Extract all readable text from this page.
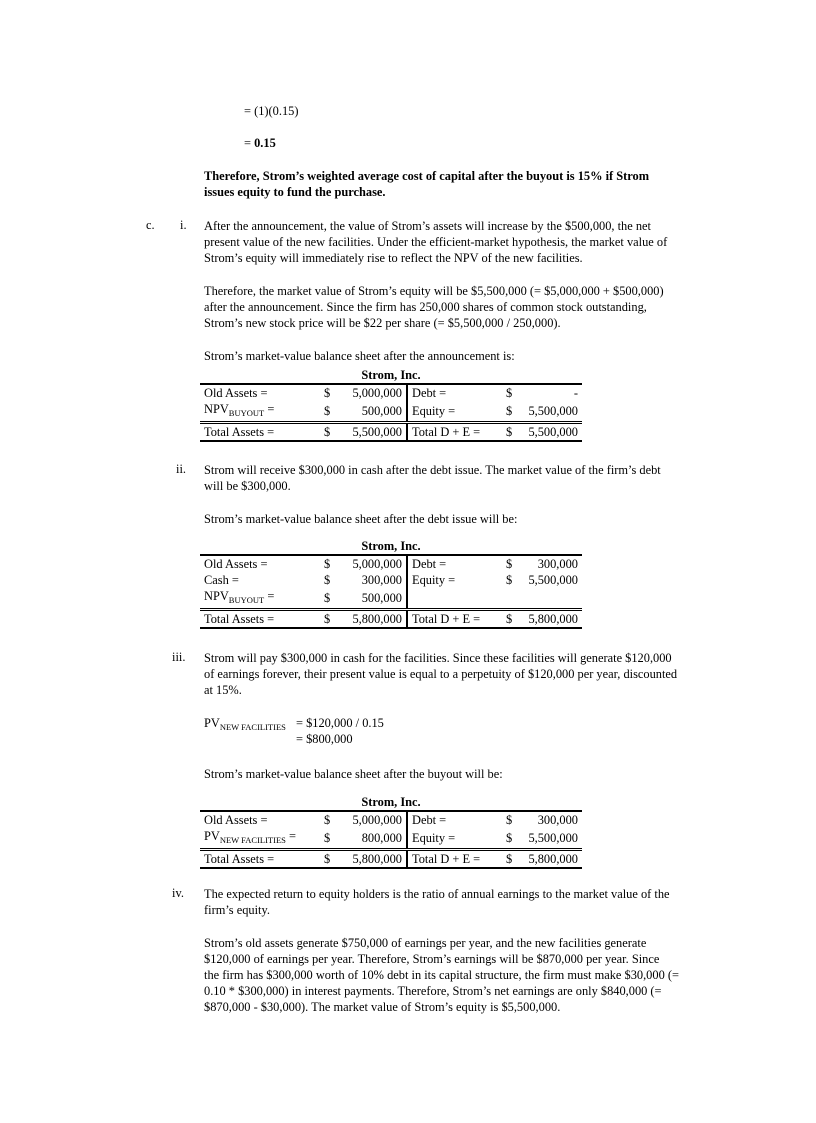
= (1)(0.15)
= 0.15
Therefore, Strom’s weighted average cost of capital after the buyout is 15% if Strom
issues equity to fund the purchase.
c. i. After the announcement, the value of Strom’s assets will increase by the $500,000, the net
present value of the new facilities. Under the efficient-market hypothesis, the market value of
Strom’s equity will immediately rise to reflect the NPV of the new facilities.
Therefore, the market value of Strom’s equity will be $5,500,000 (= $5,000,000 + $500,000)
after the announcement. Since the firm has 250,000 shares of common stock outstanding,
Strom’s new stock price will be $22 per share (= $5,500,000 / 250,000).
Strom’s market-value balance sheet after the announcement is:
Strom, Inc.
Old Assets =	$ 5,000,000	Debt =	$ -
$NPV_{BUYOUT}$ =	$ 500,000	Equity =	$ 5,500,000
Total Assets =	$ 5,500,000	Total D + E =	$ 5,500,000
ii. Strom will receive $300,000 in cash after the debt issue. The market value of the firm’s debt
will be $300,000.
Strom’s market-value balance sheet after the debt issue will be:
Strom, Inc.
Old Assets =	$ 5,000,000	Debt =	$ 300,000
Cash =	$ 300,000	Equity =	$ 5,500,000
$NPV_{BUYOUT}$ =	$ 500,000		

Total Assets =	$ 5,800,000	Total D + E =	$ 5,800,000
iii. Strom will pay $300,000 in cash for the facilities. Since these facilities will generate $120,000
of earnings forever, their present value is equal to a perpetuity of $120,000 per year, discounted
at 15%.
$PV_{NEW FACILITIES}$ = $120,000 / 0.15
= $800,000
Strom’s market-value balance sheet after the buyout will be:
Strom, Inc.
Old Assets =	$ 5,000,000	Debt =	$ 300,000
$PV_{NEW FACILITIES}$ =	$ 800,000	Equity =	$ 5,500,000
Total Assets =	$ 5,800,000	Total D + E =	$ 5,800,000
iv. The expected return to equity holders is the ratio of annual earnings to the market value of the
firm’s equity.
Strom’s old assets generate $750,000 of earnings per year, and the new facilities generate
$120,000 of earnings per year. Therefore, Strom’s earnings will be $870,000 per year. Since
the firm has $300,000 worth of 10% debt in its capital structure, the firm must make $30,000 (=
0.10 * $300,000) in interest payments. Therefore, Strom’s net earnings are only $840,000 (=
$870,000 - $30,000). The market value of Strom’s equity is $5,500,000.
